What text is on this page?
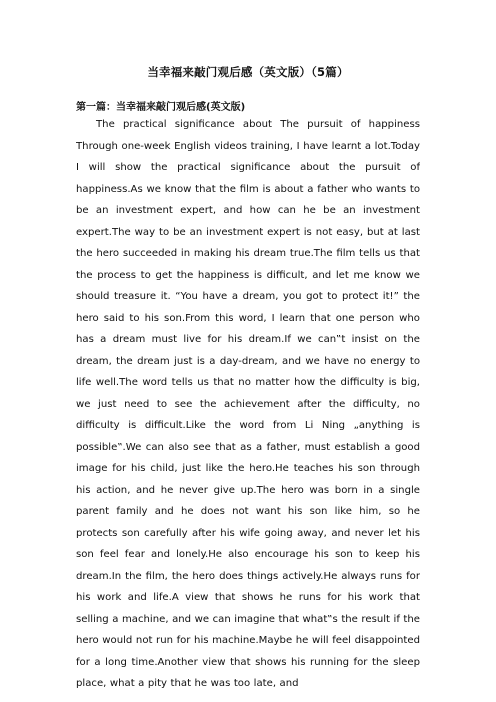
当幸福来敲门观后感（英文版）（5篇）
第一篇：当幸福来敲门观后感(英文版)

The practical significance about The pursuit of happiness Through one-week English videos training, I have learnt a lot.Today I will show the practical significance about the pursuit of happiness.As we know that the film is about a father who wants to be an investment expert, and how can he be an investment expert.The way to be an investment expert is not easy, but at last the hero succeeded in making his dream true.The film tells us that the process to get the happiness is difficult, and let me know we should treasure it. “You have a dream, you got to protect it!” the hero said to his son.From this word, I learn that one person who has a dream must live for his dream.If we can‟t insist on the dream, the dream just is a day-dream, and we have no energy to life well.The word tells us that no matter how the difficulty is big, we just need to see the achievement after the difficulty, no difficulty is difficult.Like the word from Li Ning „anything is possible‟.We can also see that as a father, must establish a good image for his child, just like the hero.He teaches his son through his action, and he never give up.The hero was born in a single parent family and he does not want his son like him, so he protects son carefully after his wife going away, and never let his son feel fear and lonely.He also encourage his son to keep his dream.In the film, the hero does things actively.He always runs for his work and life.A view that shows he runs for his work that selling a machine, and we can imagine that what‟s the result if the hero would not run for his machine.Maybe he will feel disappointed for a long time.Another view that shows his running for the sleep place, what a pity that he was too late, and
